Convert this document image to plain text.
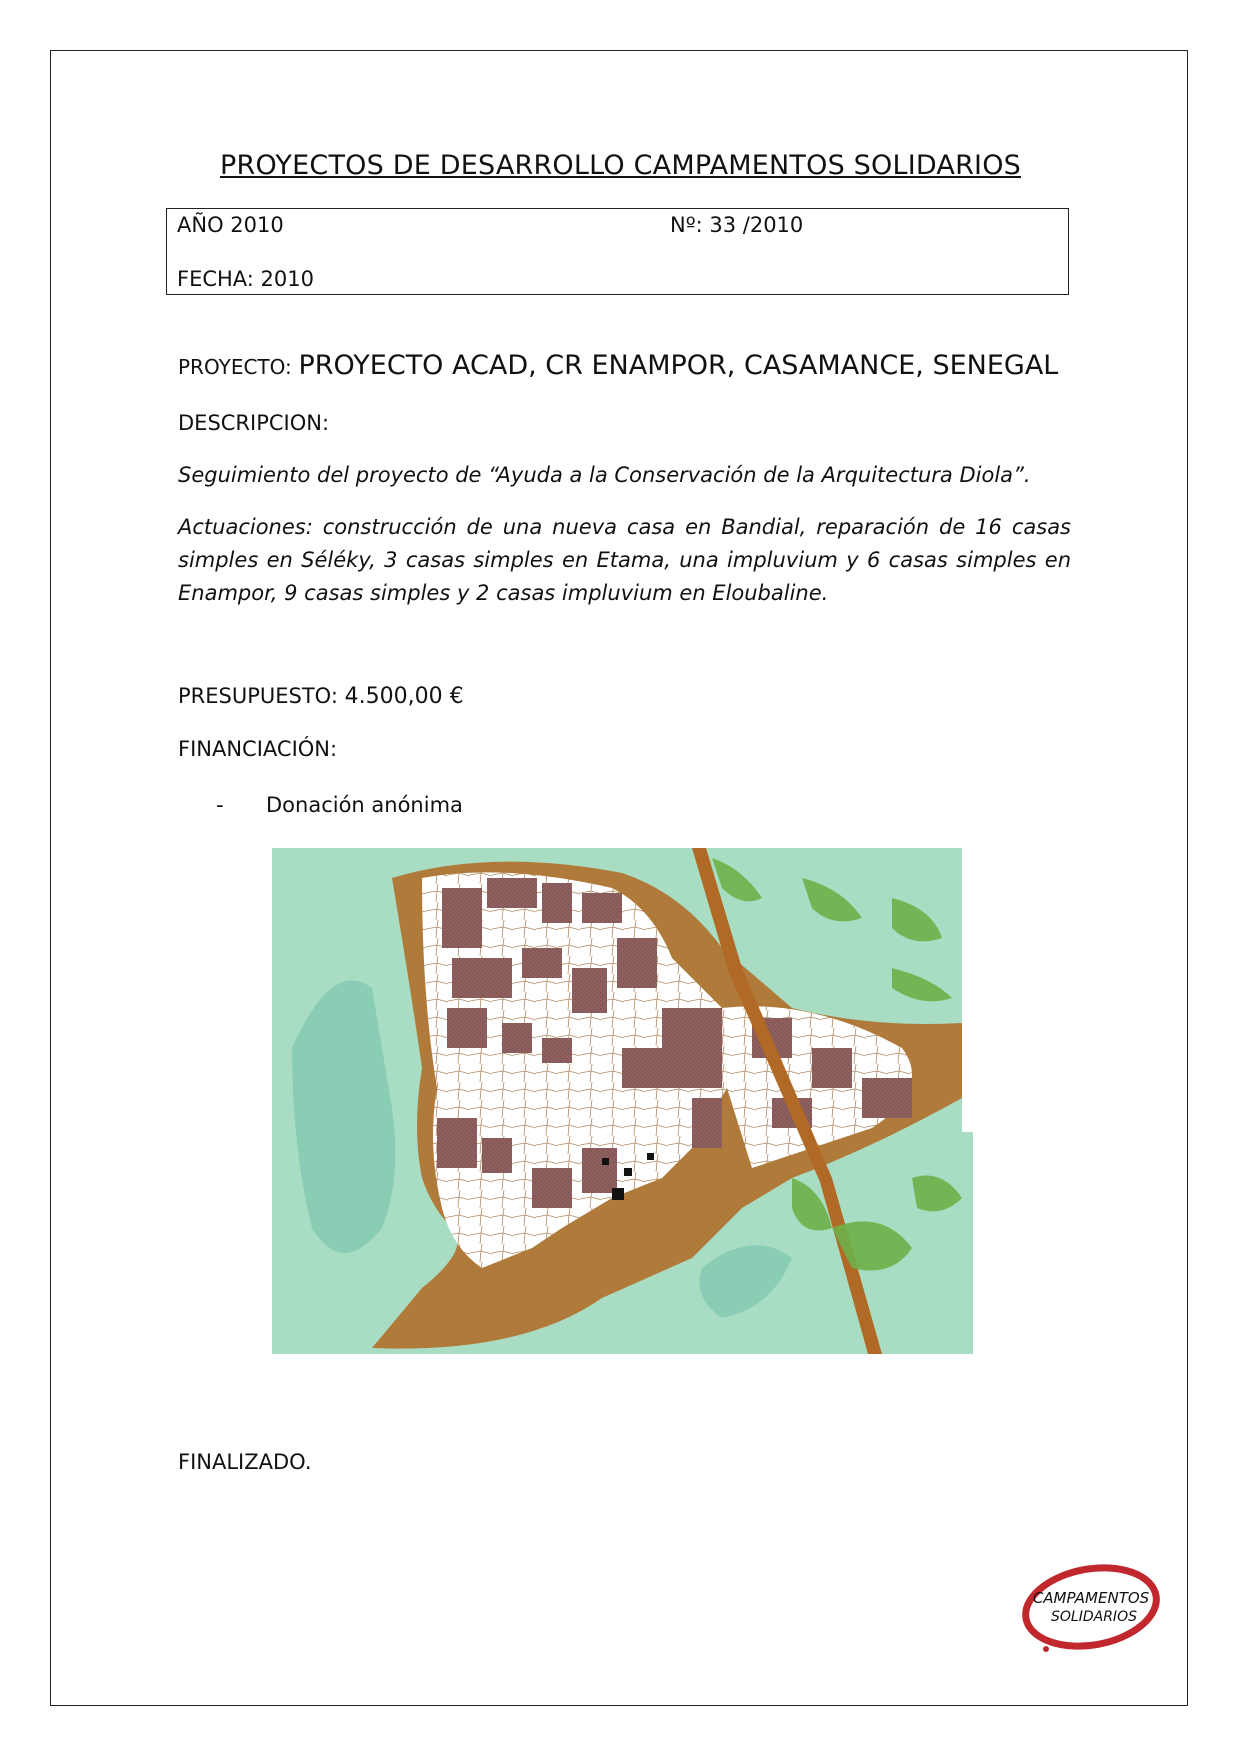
PROYECTOS DE DESARROLLO CAMPAMENTOS SOLIDARIOS
AÑO 2010	Nº: 33 /2010
FECHA: 2010
PROYECTO: PROYECTO ACAD, CR ENAMPOR, CASAMANCE, SENEGAL
DESCRIPCION:
Seguimiento del proyecto de “Ayuda a la Conservación de la Arquitectura Diola”.
Actuaciones: construcción de una nueva casa en Bandial, reparación de 16 casas simples en Séléky, 3 casas simples en Etama, una impluvium y 6 casas simples en Enampor, 9 casas simples y 2 casas impluvium en Eloubaline.
PRESUPUESTO: 4.500,00 €
FINANCIACIÓN:
- Donación anónima
FINALIZADO.
CAMPAMENTOS
SOLIDARIOS
